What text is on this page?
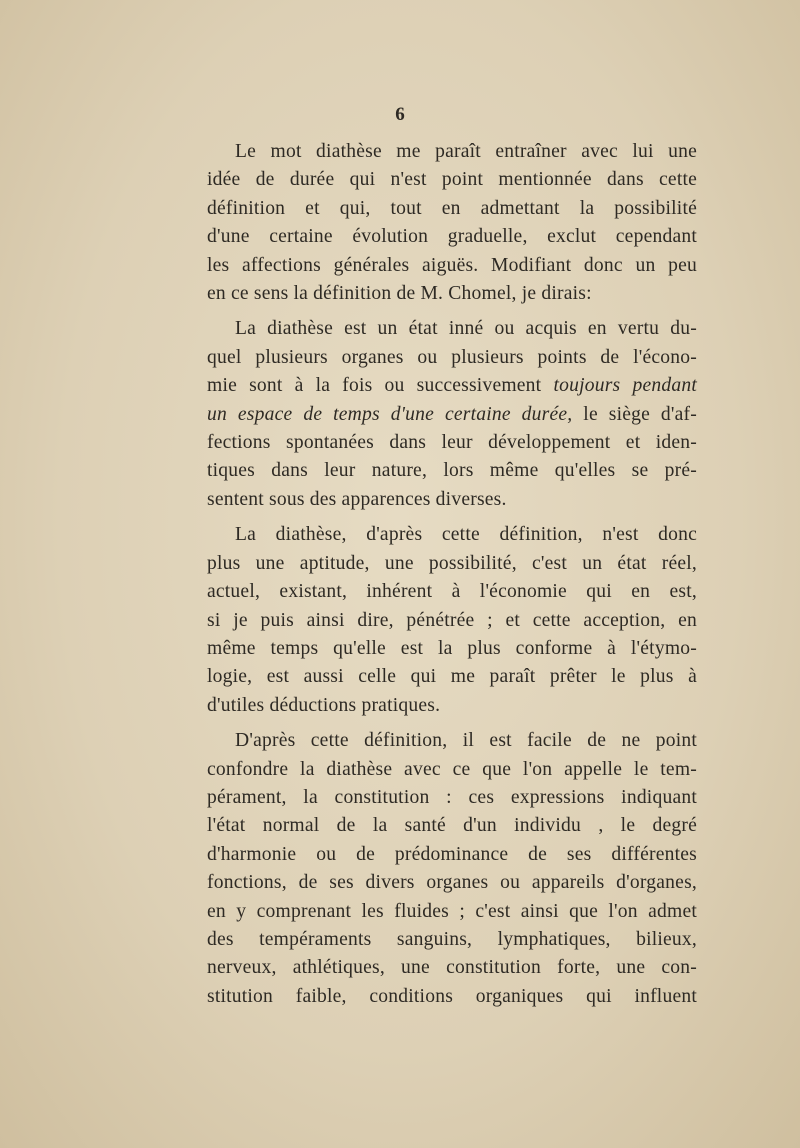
6
Le mot diathèse me paraît entraîner avec lui une
idée de durée qui n'est point mentionnée dans cette
définition et qui, tout en admettant la possibilité
d'une certaine évolution graduelle, exclut cependant
les affections générales aiguës. Modifiant donc un peu
en ce sens la définition de M. Chomel, je dirais:
La diathèse est un état inné ou acquis en vertu du-
quel plusieurs organes ou plusieurs points de l'écono-
mie sont à la fois ou successivement toujours pendant
un espace de temps d'une certaine durée, le siège d'af-
fections spontanées dans leur développement et iden-
tiques dans leur nature, lors même qu'elles se pré-
sentent sous des apparences diverses.
La diathèse, d'après cette définition, n'est donc
plus une aptitude, une possibilité, c'est un état réel,
actuel, existant, inhérent à l'économie qui en est,
si je puis ainsi dire, pénétrée ; et cette acception, en
même temps qu'elle est la plus conforme à l'étymo-
logie, est aussi celle qui me paraît prêter le plus à
d'utiles déductions pratiques.
D'après cette définition, il est facile de ne point
confondre la diathèse avec ce que l'on appelle le tem-
pérament, la constitution : ces expressions indiquant
l'état normal de la santé d'un individu , le degré
d'harmonie ou de prédominance de ses différentes
fonctions, de ses divers organes ou appareils d'organes,
en y comprenant les fluides ; c'est ainsi que l'on admet
des tempéraments sanguins, lymphatiques, bilieux,
nerveux, athlétiques, une constitution forte, une con-
stitution faible, conditions organiques qui influent
